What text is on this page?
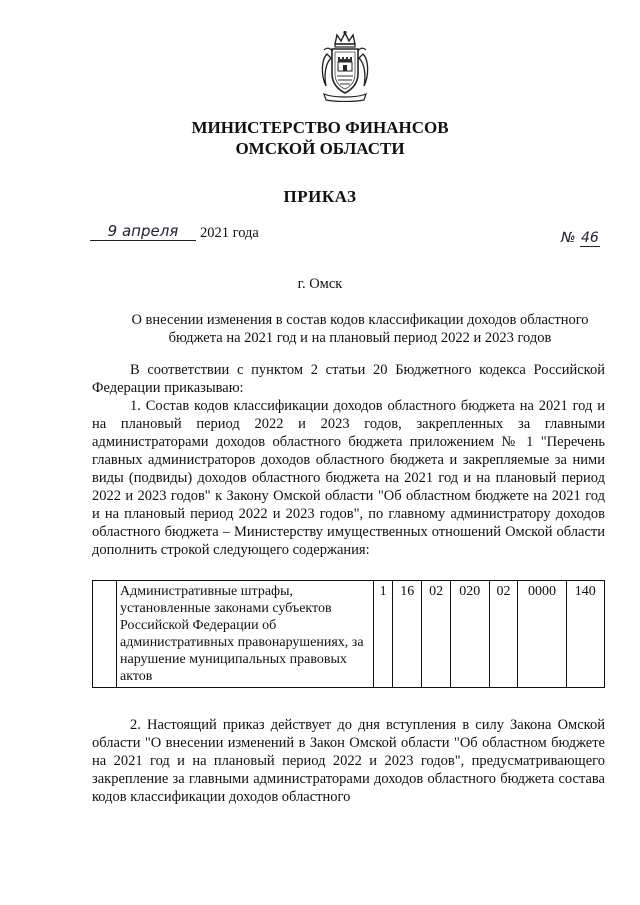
МИНИСТЕРСТВО ФИНАНСОВ
ОМСКОЙ ОБЛАСТИ
ПРИКАЗ
9 апреля	2021 года	№ 46
г. Омск
О внесении изменения в состав кодов классификации доходов областного
бюджета на 2021 год и на плановый период 2022 и 2023 годов
В соответствии с пунктом 2 статьи 20 Бюджетного кодекса Российской Федерации приказываю:
1. Состав кодов классификации доходов областного бюджета на 2021 год и на плановый период 2022 и 2023 годов, закрепленных за главными администраторами доходов областного бюджета приложением № 1 "Перечень главных администраторов доходов областного бюджета и закрепляемые за ними виды (подвиды) доходов областного бюджета на 2021 год и на плановый период 2022 и 2023 годов" к Закону Омской области "Об областном бюджете на 2021 год и на плановый период 2022 и 2023 годов", по главному администратору доходов областного бюджета – Министерству имущественных отношений Омской области дополнить строкой следующего содержания:
	Административные штрафы, установленные законами субъектов Российской Федерации об административных правонарушениях, за нарушение муниципальных правовых актов	1	16	02	020	02	0000	140
2. Настоящий приказ действует до дня вступления в силу Закона Омской области "О внесении изменений в Закон Омской области "Об областном бюджете на 2021 год и на плановый период 2022 и 2023 годов", предусматривающего закрепление за главными администраторами доходов областного бюджета состава кодов классификации доходов областного
